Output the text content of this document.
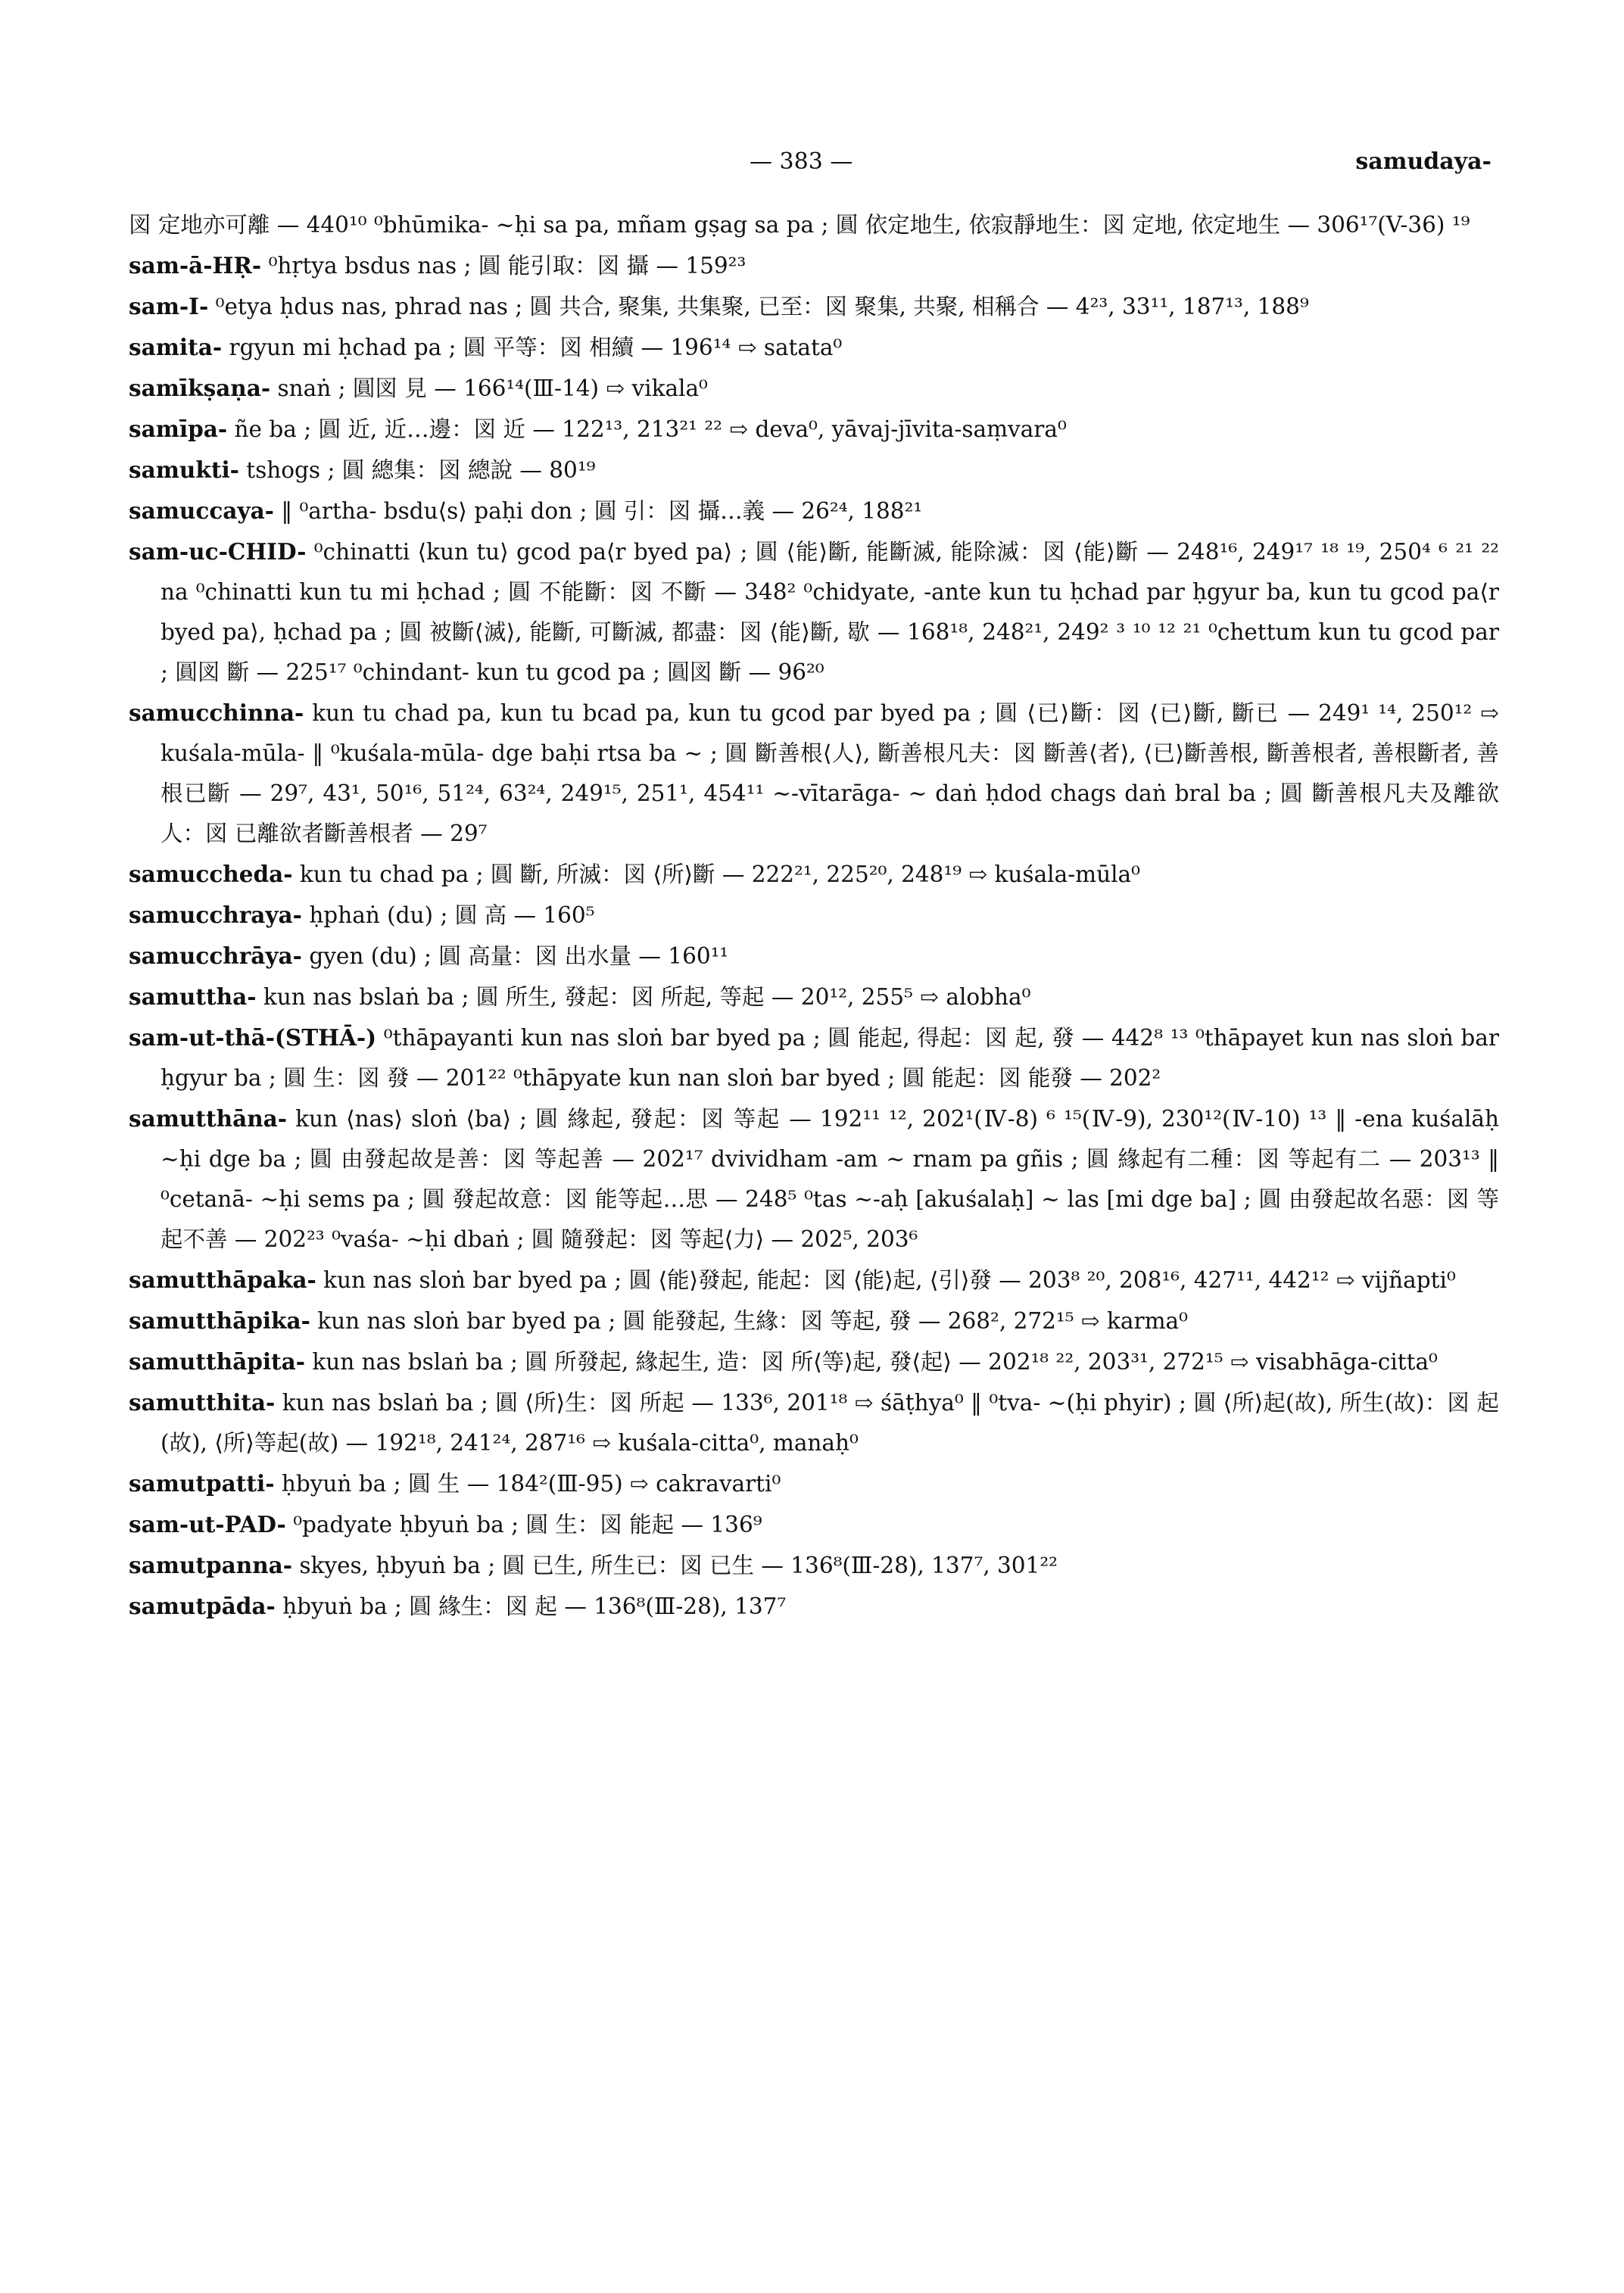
— 383 —	samudaya-

図 定地亦可離 — 440¹⁰ ⁰bhūmika- ~ḥi sa pa, mñam gṣag sa pa ; 圓 依定地生, 依寂靜地生：図 定地, 依定地生 — 306¹⁷(V-36) ¹⁹

sam-ā-HṚ- ⁰hṛtya bsdus nas ; 圓 能引取：図 攝 — 159²³

sam-I- ⁰etya ḥdus nas, phrad nas ; 圓 共合, 聚集, 共集聚, 已至：図 聚集, 共聚, 相稱合 — 4²³, 33¹¹, 187¹³, 188⁹

samita- rgyun mi ḥchad pa ; 圓 平等：図 相續 — 196¹⁴ ⇨ satata⁰

samīkṣaṇa- snaṅ ; 圓図 見 — 166¹⁴(Ⅲ-14) ⇨ vikala⁰

samīpa- ñe ba ; 圓 近, 近…邊：図 近 — 122¹³, 213²¹ ²² ⇨ deva⁰, yāvaj-jīvita-saṃvara⁰

samukti- tshogs ; 圓 總集：図 總說 — 80¹⁹

samuccaya- ‖ ⁰artha- bsdu⟨s⟩ paḥi don ; 圓 引：図 攝…義 — 26²⁴, 188²¹

sam-uc-CHID- ⁰chinatti ⟨kun tu⟩ gcod pa⟨r byed pa⟩ ; 圓 ⟨能⟩斷, 能斷滅, 能除滅：図 ⟨能⟩斷 — 248¹⁶, 249¹⁷ ¹⁸ ¹⁹, 250⁴ ⁶ ²¹ ²² na ⁰chinatti kun tu mi ḥchad ; 圓 不能斷：図 不斷 — 348² ⁰chidyate, -ante kun tu ḥchad par ḥgyur ba, kun tu gcod pa⟨r byed pa⟩, ḥchad pa ; 圓 被斷⟨滅⟩, 能斷, 可斷滅, 都盡：図 ⟨能⟩斷, 歇 — 168¹⁸, 248²¹, 249² ³ ¹⁰ ¹² ²¹ ⁰chettum kun tu gcod par ; 圓図 斷 — 225¹⁷ ⁰chindant- kun tu gcod pa ; 圓図 斷 — 96²⁰

samucchinna- kun tu chad pa, kun tu bcad pa, kun tu gcod par byed pa ; 圓 ⟨已⟩斷：図 ⟨已⟩斷, 斷已 — 249¹ ¹⁴, 250¹² ⇨ kuśala-mūla- ‖ ⁰kuśala-mūla- dge baḥi rtsa ba ~ ; 圓 斷善根⟨人⟩, 斷善根凡夫：図 斷善⟨者⟩, ⟨已⟩斷善根, 斷善根者, 善根斷者, 善根已斷 — 29⁷, 43¹, 50¹⁶, 51²⁴, 63²⁴, 249¹⁵, 251¹, 454¹¹ ~-vītarāga- ~ daṅ ḥdod chags daṅ bral ba ; 圓 斷善根凡夫及離欲人：図 已離欲者斷善根者 — 29⁷

samuccheda- kun tu chad pa ; 圓 斷, 所滅：図 ⟨所⟩斷 — 222²¹, 225²⁰, 248¹⁹ ⇨ kuśala-mūla⁰

samucchraya- ḥphaṅ (du) ; 圓 高 — 160⁵

samucchrāya- gyen (du) ; 圓 高量：図 出水量 — 160¹¹

samuttha- kun nas bslaṅ ba ; 圓 所生, 發起：図 所起, 等起 — 20¹², 255⁵ ⇨ alobha⁰

sam-ut-thā-(STHĀ-) ⁰thāpayanti kun nas sloṅ bar byed pa ; 圓 能起, 得起：図 起, 發 — 442⁸ ¹³ ⁰thāpayet kun nas sloṅ bar ḥgyur ba ; 圓 生：図 發 — 201²² ⁰thāpyate kun nan sloṅ bar byed ; 圓 能起：図 能發 — 202²

samutthāna- kun ⟨nas⟩ sloṅ ⟨ba⟩ ; 圓 緣起, 發起：図 等起 — 192¹¹ ¹², 202¹(Ⅳ-8) ⁶ ¹⁵(Ⅳ-9), 230¹²(Ⅳ-10) ¹³ ‖ -ena kuśalāḥ ~ḥi dge ba ; 圓 由發起故是善：図 等起善 — 202¹⁷ dvividham -am ~ rnam pa gñis ; 圓 緣起有二種：図 等起有二 — 203¹³ ‖ ⁰cetanā- ~ḥi sems pa ; 圓 發起故意：図 能等起…思 — 248⁵ ⁰tas ~-aḥ [akuśalaḥ] ~ las [mi dge ba] ; 圓 由發起故名惡：図 等起不善 — 202²³ ⁰vaśa- ~ḥi dbaṅ ; 圓 隨發起：図 等起⟨力⟩ — 202⁵, 203⁶

samutthāpaka- kun nas sloṅ bar byed pa ; 圓 ⟨能⟩發起, 能起：図 ⟨能⟩起, ⟨引⟩發 — 203⁸ ²⁰, 208¹⁶, 427¹¹, 442¹² ⇨ vijñapti⁰

samutthāpika- kun nas sloṅ bar byed pa ; 圓 能發起, 生緣：図 等起, 發 — 268², 272¹⁵ ⇨ karma⁰

samutthāpita- kun nas bslaṅ ba ; 圓 所發起, 緣起生, 造：図 所⟨等⟩起, 發⟨起⟩ — 202¹⁸ ²², 203³¹, 272¹⁵ ⇨ visabhāga-citta⁰

samutthita- kun nas bslaṅ ba ; 圓 ⟨所⟩生：図 所起 — 133⁶, 201¹⁸ ⇨ śāṭhya⁰ ‖ ⁰tva- ~(ḥi phyir) ; 圓 ⟨所⟩起(故), 所生(故)：図 起(故), ⟨所⟩等起(故) — 192¹⁸, 241²⁴, 287¹⁶ ⇨ kuśala-citta⁰, manaḥ⁰

samutpatti- ḥbyuṅ ba ; 圓 生 — 184²(Ⅲ-95) ⇨ cakravarti⁰

sam-ut-PAD- ⁰padyate ḥbyuṅ ba ; 圓 生：図 能起 — 136⁹

samutpanna- skyes, ḥbyuṅ ba ; 圓 已生, 所生已：図 已生 — 136⁸(Ⅲ-28), 137⁷, 301²²

samutpāda- ḥbyuṅ ba ; 圓 緣生：図 起 — 136⁸(Ⅲ-28), 137⁷
